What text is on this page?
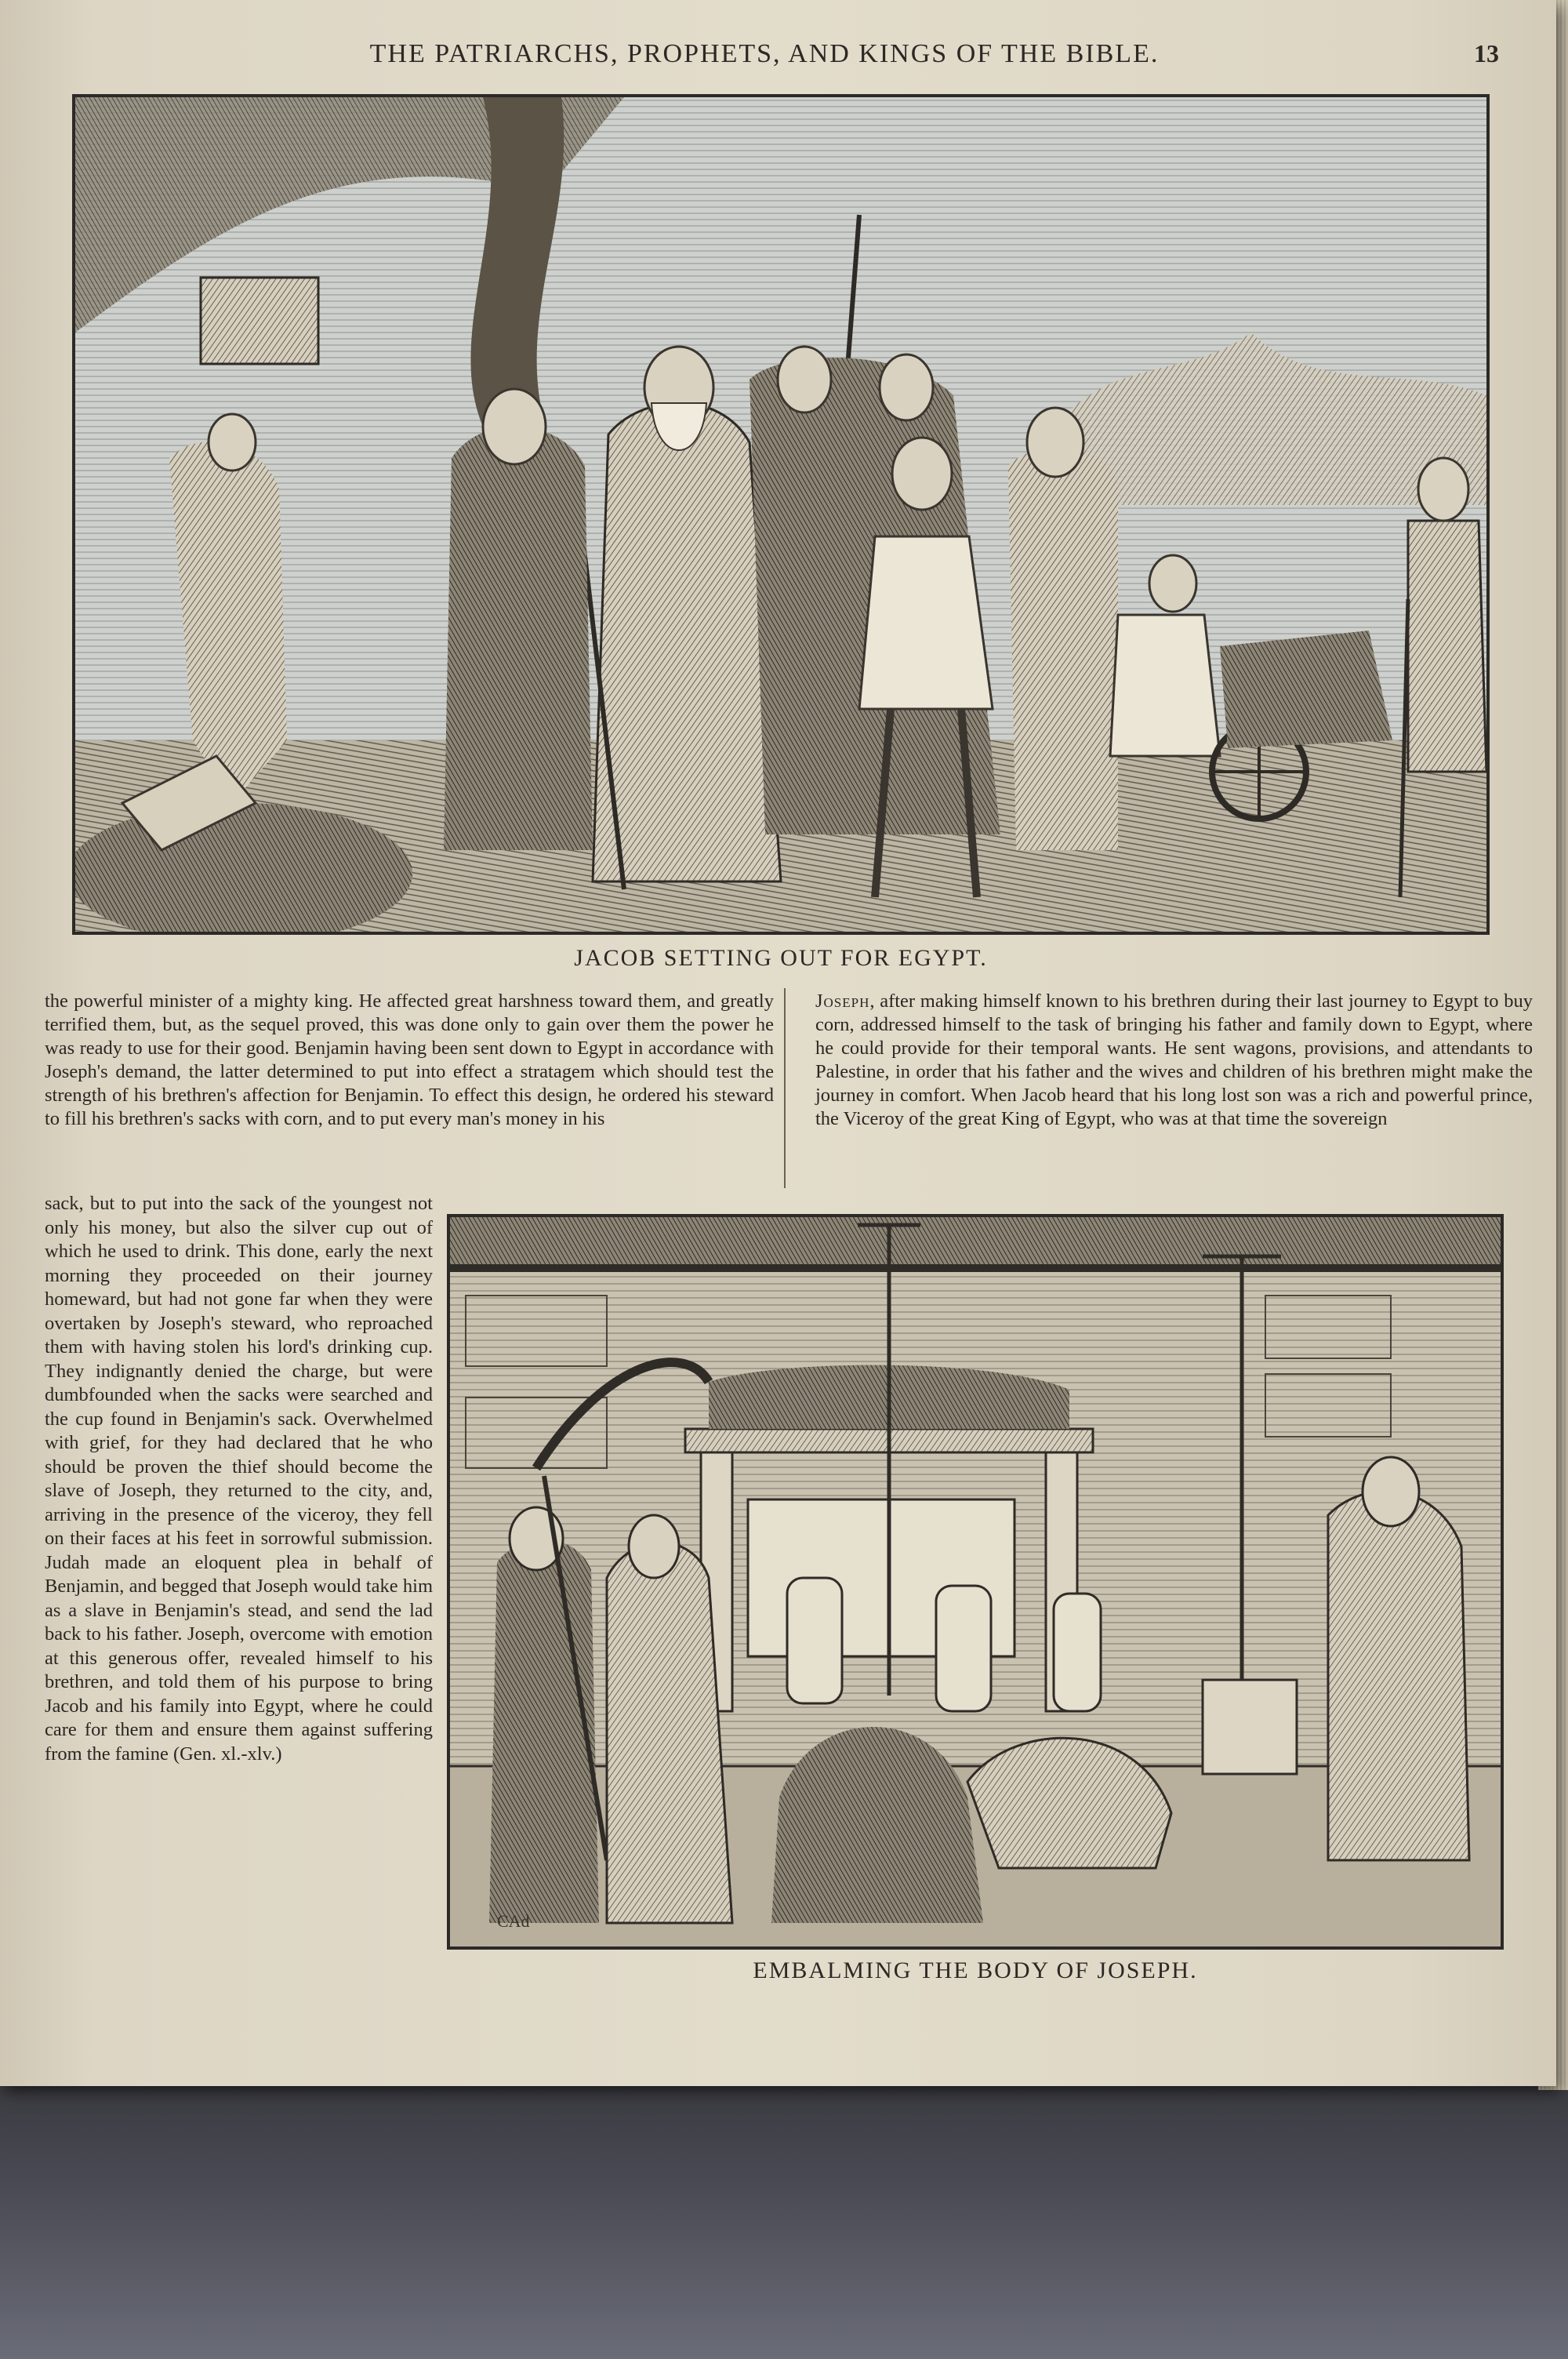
THE PATRIARCHS, PROPHETS, AND KINGS OF THE BIBLE.	13
JACOB SETTING OUT FOR EGYPT.

the powerful minister of a mighty king. He affected great harshness toward them, and greatly terrified them, but, as the sequel proved, this was done only to gain over them the power he was ready to use for their good. Benjamin having been sent down to Egypt in accordance with Joseph's demand, the latter determined to put into effect a stratagem which should test the strength of his brethren's affection for Benjamin. To effect this design, he ordered his steward to fill his brethren's sacks with corn, and to put every man's money in his

Joseph, after making himself known to his brethren during their last journey to Egypt to buy corn, addressed himself to the task of bringing his father and family down to Egypt, where he could provide for their temporal wants. He sent wagons, provisions, and attendants to Palestine, in order that his father and the wives and children of his brethren might make the journey in comfort. When Jacob heard that his long lost son was a rich and powerful prince, the Viceroy of the great King of Egypt, who was at that time the sovereign

CAd
EMBALMING THE BODY OF JOSEPH.

sack, but to put into the sack of the youngest not only his money, but also the silver cup out of which he used to drink. This done, early the next morning they proceeded on their journey homeward, but had not gone far when they were overtaken by Joseph's steward, who reproached them with having stolen his lord's drinking cup. They indignantly denied the charge, but were dumbfounded when the sacks were searched and the cup found in Benjamin's sack. Overwhelmed with grief, for they had declared that he who should be proven the thief should become the slave of Joseph, they returned to the city, and, arriving in the presence of the viceroy, they fell on their faces at his feet in sorrowful submission. Judah made an eloquent plea in behalf of Benjamin, and begged that Joseph would take him as a slave in Benjamin's stead, and send the lad back to his father. Joseph, overcome with emotion at this generous offer, revealed himself to his brethren, and told them of his purpose to bring Jacob and his family into Egypt, where he could care for them and ensure them against suffering from the famine (Gen. xl.-xlv.)
